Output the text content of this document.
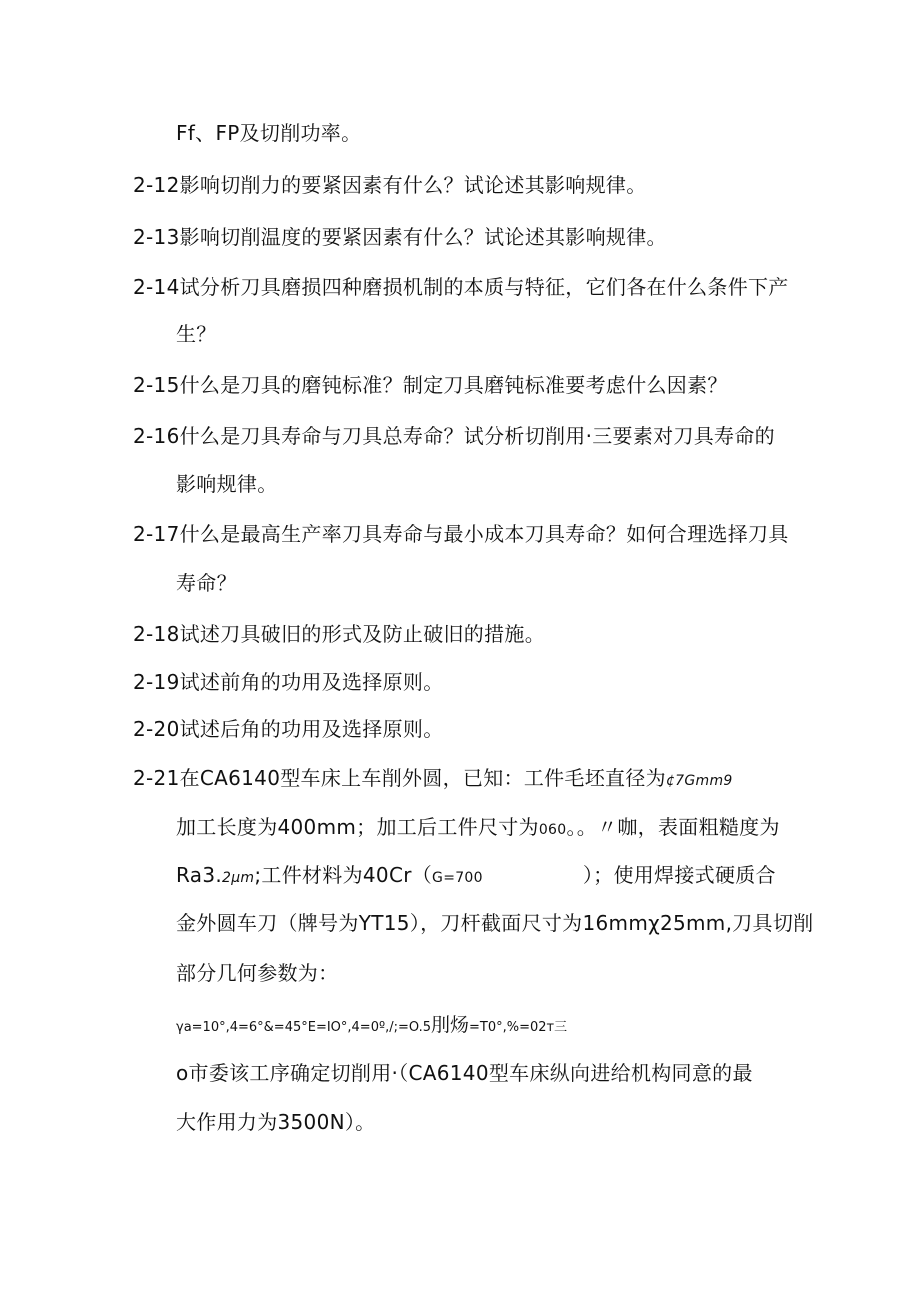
Ff、FP及切削功率。
2-12影响切削力的要紧因素有什么？试论述其影响规律。
2-13影响切削温度的要紧因素有什么？试论述其影响规律。
2-14试分析刀具磨损四种磨损机制的本质与特征，它们各在什么条件下产
生？
2-15什么是刀具的磨钝标准？制定刀具磨钝标准要考虑什么因素？
2-16什么是刀具寿命与刀具总寿命？试分析切削用·三要素对刀具寿命的
影响规律。
2-17什么是最高生产率刀具寿命与最小成本刀具寿命？如何合理选择刀具
寿命？
2-18试述刀具破旧的形式及防止破旧的措施。
2-19试述前角的功用及选择原则。
2-20试述后角的功用及选择原则。
2-21在CA6140型车床上车削外圆，已知：工件毛坯直径为¢7Gmm9
加工长度为400mm；加工后工件尺寸为060。。〃咖，表面粗糙度为
Ra3.2μm;工件材料为40Cr（G=700	）；使用焊接式硬质合
金外圆车刀（牌号为YT15），刀杆截面尺寸为16mmχ25mm,刀具切削
部分几何参数为：
γa=10°,4=6°&=45°E=IO°,4=0º,/;=O.5刖炀=T0°,%=02т三
o市委该工序确定切削用·（CA6140型车床纵向进给机构同意的最
大作用力为3500N）。
